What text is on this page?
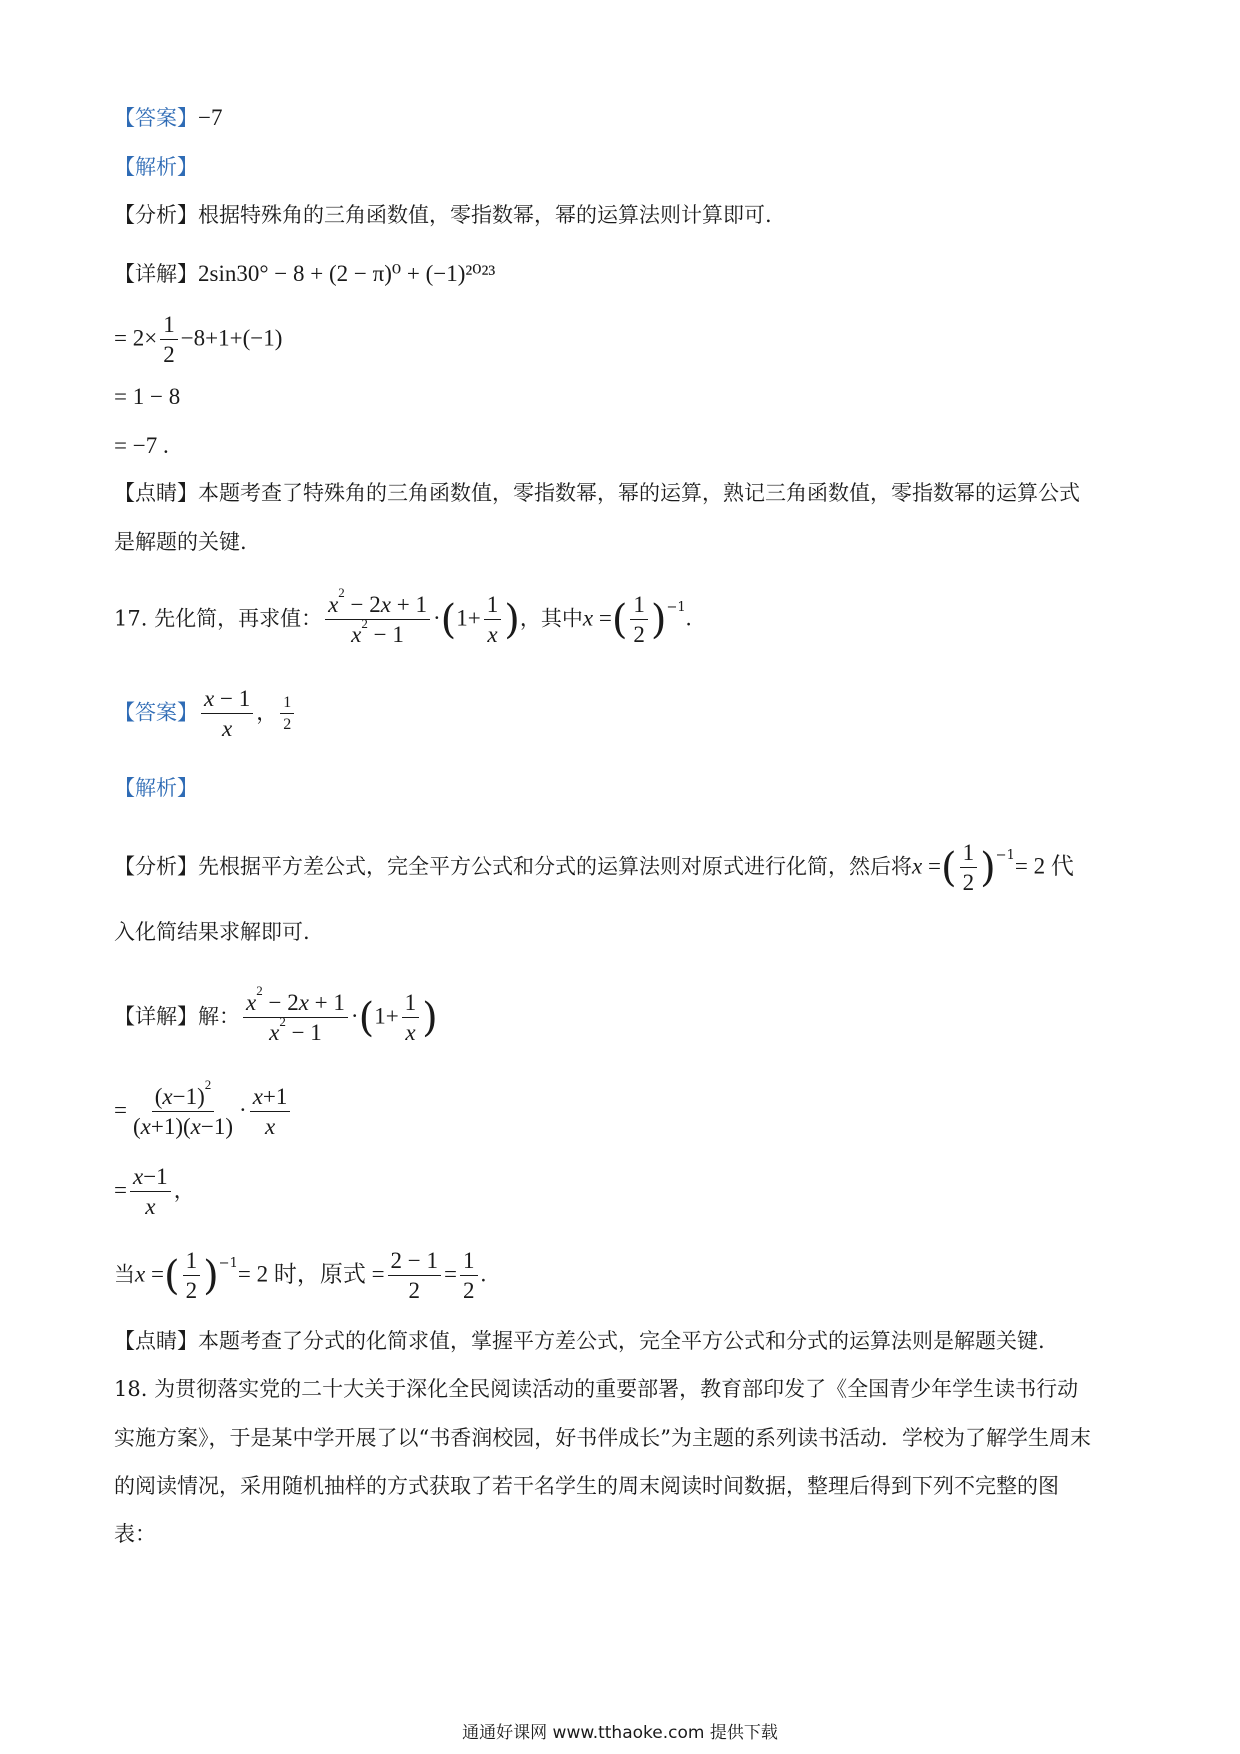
【答案】−7
【解析】
【分析】根据特殊角的三角函数值，零指数幂，幂的运算法则计算即可.
【详解】2sin30° − 8 + (2 − π)⁰ + (−1)²⁰²³
= $2\times \frac{1}{2} -8+1+(-1)$
= 1 − 8
= −7 .
【点睛】本题考查了特殊角的三角函数值，零指数幂，幂的运算，熟记三角函数值，零指数幂的运算公式
是解题的关键.
17. 先化简，再求值： $\frac{x^2 - 2x + 1}{x^2 - 1} \cdot(1+ \frac{1}{x}$ )，其中x =( $\frac{1}{2} )^{-1}$.
【答案】 $\frac{x - 1}{x}$ ， $\frac{1}{2}$
【解析】
【分析】先根据平方差公式，完全平方公式和分式的运算法则对原式进行化简，然后将x =( $\frac{1}{2} )^{-1}= 2$ 代
入化简结果求解即可.
【详解】解： $\frac{x^2 - 2x + 1}{x^2 - 1} \cdot(1+ \frac{1}{x}$ )
= $\frac{(x-1)^2}{(x+1)(x-1)} \cdot \frac{x+1}{x}$
= $\frac{x-1}{x}$ ，
当x =( $\frac{1}{2} )^{-1}= 2$ 时，原式 = $\frac{2 - 1}{2} = \frac{1}{2}$ .
【点睛】本题考查了分式的化简求值，掌握平方差公式，完全平方公式和分式的运算法则是解题关键.
18. 为贯彻落实党的二十大关于深化全民阅读活动的重要部署，教育部印发了《全国青少年学生读书行动
实施方案》，于是某中学开展了以“书香润校园，好书伴成长”为主题的系列读书活动．学校为了解学生周末
的阅读情况，采用随机抽样的方式获取了若干名学生的周末阅读时间数据，整理后得到下列不完整的图
表：
通通好课网 www.tthaoke.com 提供下载
